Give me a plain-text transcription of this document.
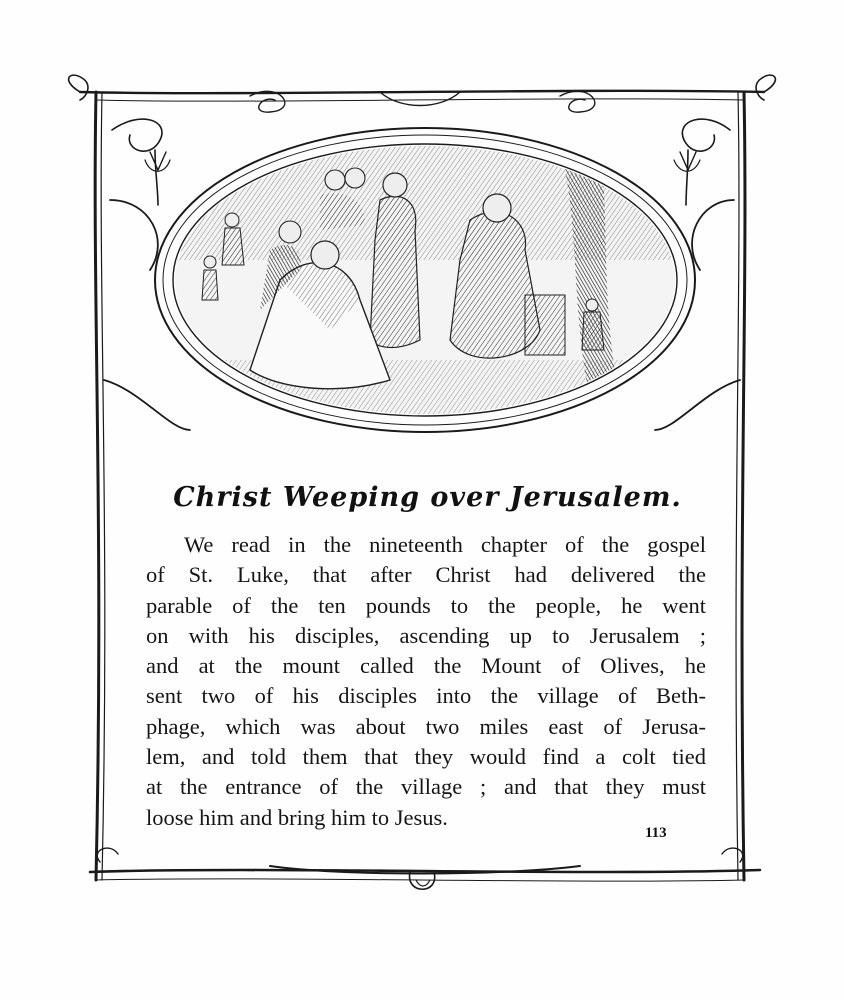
Christ Weeping over Jerusalem.
We read in the nineteenth chapter of the gospel
of St. Luke, that after Christ had delivered the
parable of the ten pounds to the people, he went
on with his disciples, ascending up to Jerusalem ;
and at the mount called the Mount of Olives, he
sent two of his disciples into the village of Beth-
phage, which was about two miles east of Jerusa-
lem, and told them that they would find a colt tied
at the entrance of the village ; and that they must
loose him and bring him to Jesus.
113
